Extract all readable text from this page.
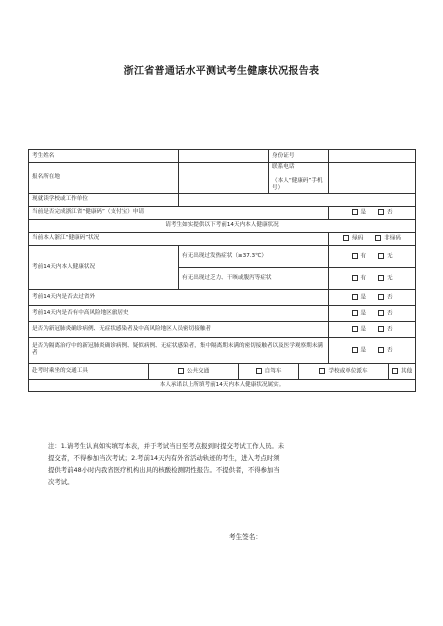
浙江省普通话水平测试考生健康状况报告表
考生姓名				身份证号			
报名所在地				联系电话

（本人“健康码”手机号）			
现就读学校或工作单位							
当前是否完成浙江省“健康码”（支付宝）申请						是 否	
请考生如实提供以下考前14天内本人健康状况							
当前本人浙江“健康码”状况						绿码 非绿码	
考前14天内本人健康状况		有无出现过发热症状（≥37.3℃）				有 无	
		有无出现过乏力、干咳或腹泻等症状				有 无	
考前14天内是否去过省外						是 否	
考前14天内是否有中高风险地区旅居史						是 否	
是否为新冠肺炎确诊病例、无症状感染者及中高风险地区人员密切接触者						是 否	
是否为隔离治疗中的新冠肺炎确诊病例、疑似病例、无症状感染者，集中隔离期未满的密切接触者以及医学观察期未满者						是 否	
赴考时乘坐的交通工具	公共交通		自驾车		学校或单位派车		其他
本人承诺以上所填考前14天内本人健康状况属实。							
注：1.请考生认真如实填写本表，并于考试当日至考点报到时提交考试工作人员。未
提交者，不得参加当次考试；2.考前14天内有外省活动轨迹的考生，进入考点时须
提供考前48小时内我省医疗机构出具的核酸检测阴性报告。不提供者，不得参加当
次考试。
考生签名：
